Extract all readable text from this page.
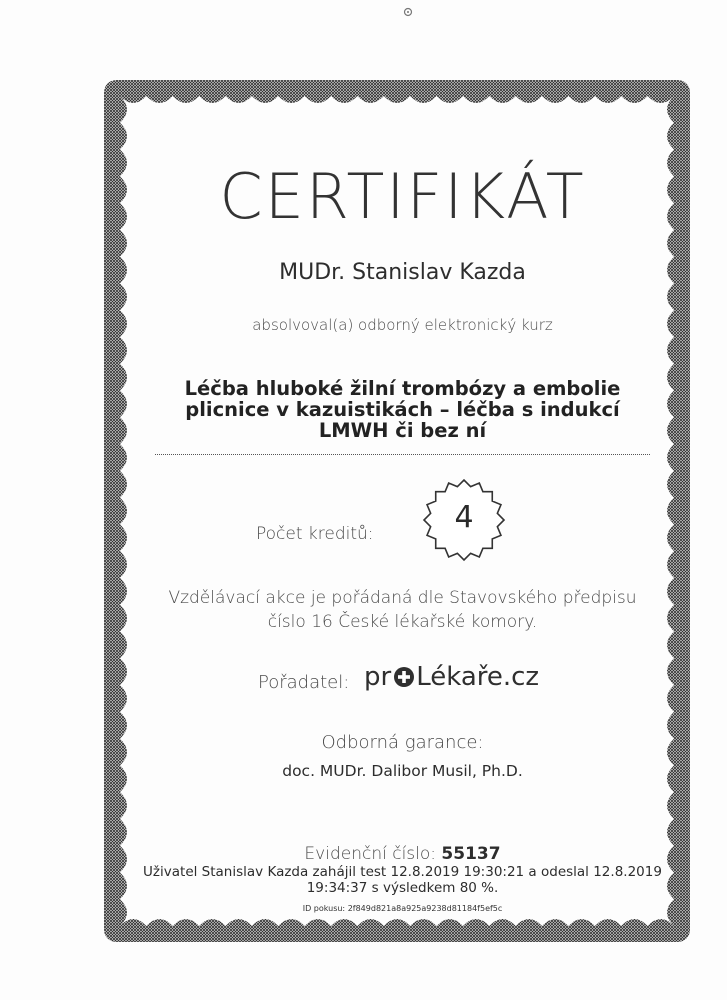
CERTIFIKÁT
MUDr. Stanislav Kazda
absolvoval(a) odborný elektronický kurz
Léčba hluboké žilní trombózy a embolie
plicnice v kazuistikách – léčba s indukcí
LMWH či bez ní
Počet kreditů:	4
Vzdělávací akce je pořádaná dle Stavovského předpisu
číslo 16 České lékařské komory.
Pořadatel: pr Lékaře.cz
Odborná garance:
doc. MUDr. Dalibor Musil, Ph.D.
Evidenční číslo: 55137
Uživatel Stanislav Kazda zahájil test 12.8.2019 19:30:21 a odeslal 12.8.2019
19:34:37 s výsledkem 80 %.
ID pokusu: 2f849d821a8a925a9238d81184f5ef5c
